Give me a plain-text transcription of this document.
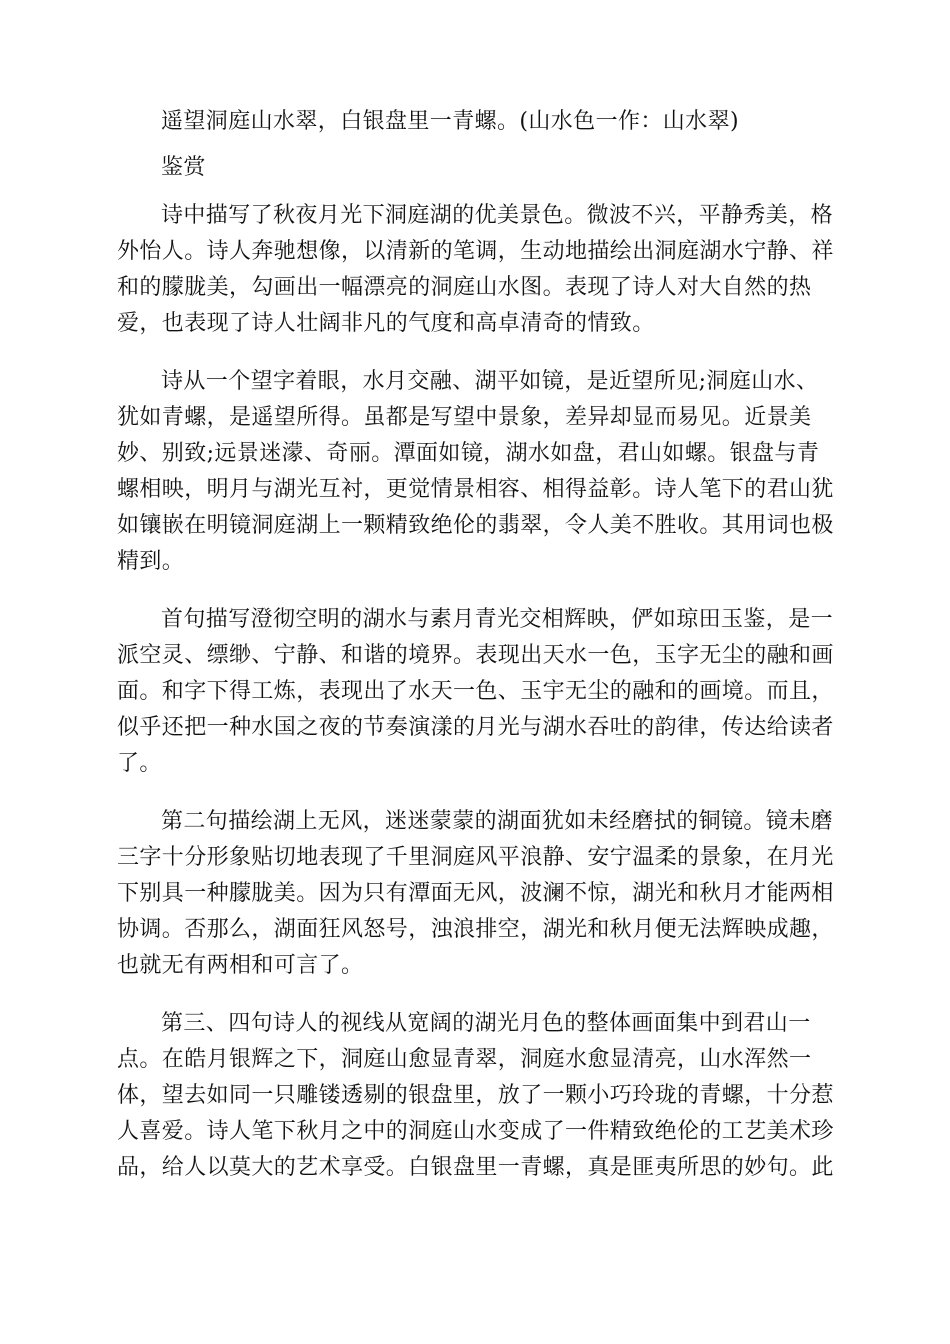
遥望洞庭山水翠，白银盘里一青螺。(山水色一作：山水翠)

鉴赏

诗中描写了秋夜月光下洞庭湖的优美景色。微波不兴，平静秀美，格

外怡人。诗人奔驰想像，以清新的笔调，生动地描绘出洞庭湖水宁静、祥

和的朦胧美，勾画出一幅漂亮的洞庭山水图。表现了诗人对大自然的热

爱，也表现了诗人壮阔非凡的气度和高卓清奇的情致。

诗从一个望字着眼，水月交融、湖平如镜，是近望所见;洞庭山水、

犹如青螺，是遥望所得。虽都是写望中景象，差异却显而易见。近景美

妙、别致;远景迷濛、奇丽。潭面如镜，湖水如盘，君山如螺。银盘与青

螺相映，明月与湖光互衬，更觉情景相容、相得益彰。诗人笔下的君山犹

如镶嵌在明镜洞庭湖上一颗精致绝伦的翡翠，令人美不胜收。其用词也极

精到。

首句描写澄彻空明的湖水与素月青光交相辉映，俨如琼田玉鉴，是一

派空灵、缥缈、宁静、和谐的境界。表现出天水一色，玉字无尘的融和画

面。和字下得工炼，表现出了水天一色、玉宇无尘的融和的画境。而且，

似乎还把一种水国之夜的节奏演漾的月光与湖水吞吐的韵律，传达给读者

了。

第二句描绘湖上无风，迷迷蒙蒙的湖面犹如未经磨拭的铜镜。镜未磨

三字十分形象贴切地表现了千里洞庭风平浪静、安宁温柔的景象，在月光

下别具一种朦胧美。因为只有潭面无风，波澜不惊，湖光和秋月才能两相

协调。否那么，湖面狂风怒号，浊浪排空，湖光和秋月便无法辉映成趣，

也就无有两相和可言了。

第三、四句诗人的视线从宽阔的湖光月色的整体画面集中到君山一

点。在皓月银辉之下，洞庭山愈显青翠，洞庭水愈显清亮，山水浑然一

体，望去如同一只雕镂透剔的银盘里，放了一颗小巧玲珑的青螺，十分惹

人喜爱。诗人笔下秋月之中的洞庭山水变成了一件精致绝伦的工艺美术珍

品，给人以莫大的艺术享受。白银盘里一青螺，真是匪夷所思的妙句。此
